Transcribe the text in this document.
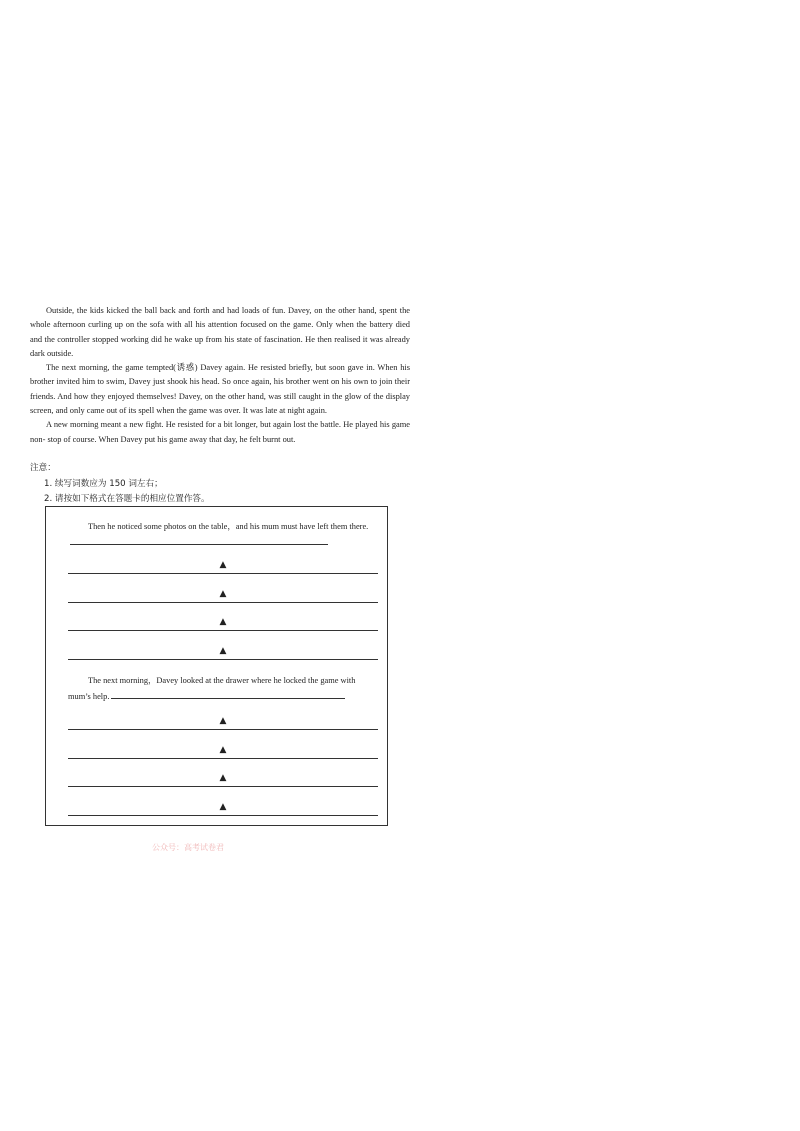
Outside, the kids kicked the ball back and forth and had loads of fun. Davey, on the other hand, spent the whole afternoon curling up on the sofa with all his attention focused on the game. Only when the battery died and the controller stopped working did he wake up from his state of fascination. He then realised it was already dark outside.

The next morning, the game tempted(诱惑) Davey again. He resisted briefly, but soon gave in. When his brother invited him to swim, Davey just shook his head. So once again, his brother went on his own to join their friends. And how they enjoyed themselves! Davey, on the other hand, was still caught in the glow of the display screen, and only came out of its spell when the game was over. It was late at night again.

A new morning meant a new fight. He resisted for a bit longer, but again lost the battle. He played his game non- stop of course. When Davey put his game away that day, he felt burnt out.

注意：
1. 续写词数应为 150 词左右；
2. 请按如下格式在答题卡的相应位置作答。
Then he noticed some photos on the table，and his mum must have left them there.
▲
▲
▲
▲
The next morning，Davey looked at the drawer where he locked the game with mum’s help.
▲
▲
▲
▲
公众号：高考试卷君
